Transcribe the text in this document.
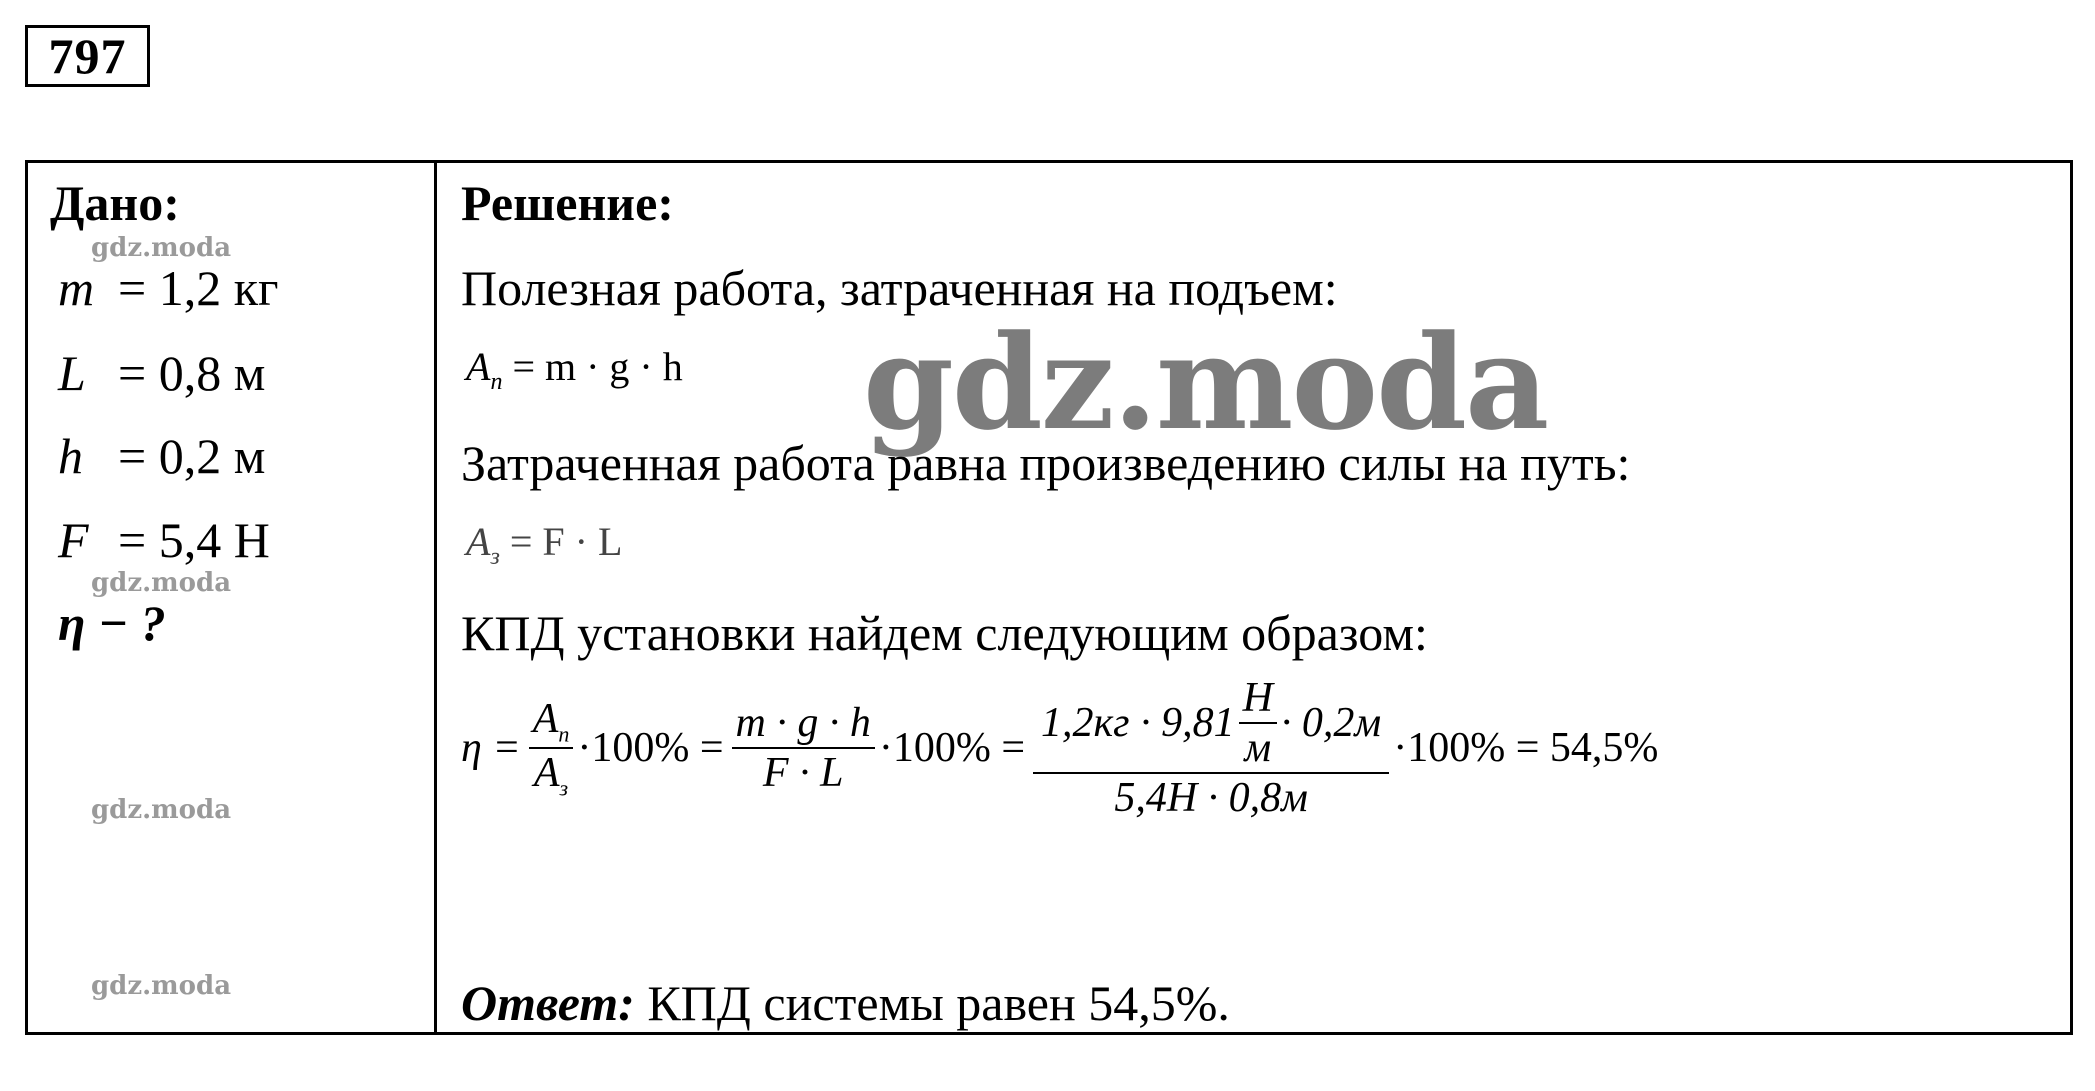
797
Дано:
m = 1,2 кг
L = 0,8 м
h = 0,2 м
F = 5,4 Н
η − ?
gdz.moda
gdz.moda
gdz.moda
gdz.moda
Решение:
Полезная работа, затраченная на подъем:
$A_п = m \cdot g \cdot h$
Затраченная работа равна произведению силы на путь:
$A_з = F \cdot L$
КПД установки найдем следующим образом:
$\eta = \frac{A_п}{A_з} \cdot 100\% = \frac{m \cdot g \cdot h}{F \cdot L} \cdot 100\%$ =
$1,2кг \cdot 9,81 \frac{Н}{м} \cdot 0,2м$
5,4Н · 0,8м
·100% = 54,5%
Ответ: КПД системы равен 54,5%.
gdz.moda
